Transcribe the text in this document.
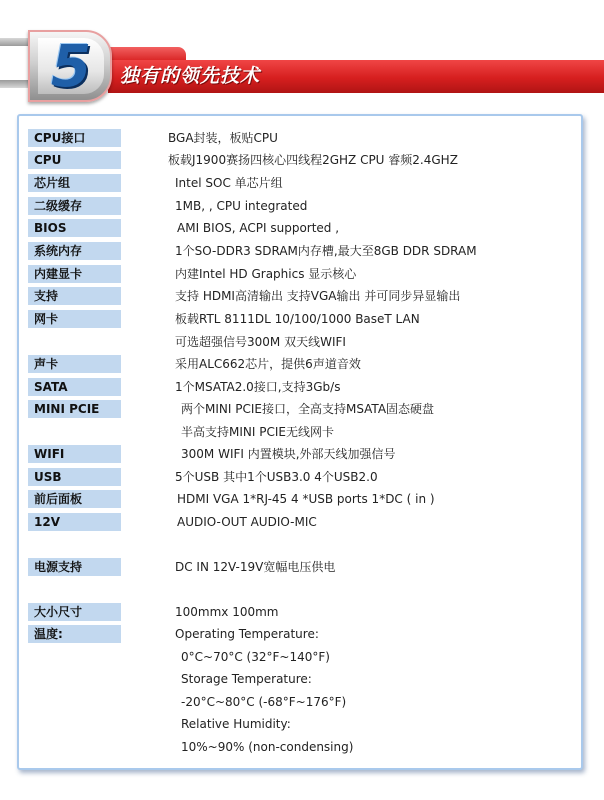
5	独有的领先技术
CPU接口	BGA封装，板贴CPU
CPU	板载J1900赛扬四核心四线程2GHZ CPU 睿频2.4GHZ
芯片组	Intel SOC 单芯片组
二级缓存	1MB, , CPU integrated
BIOS	AMI BIOS, ACPI supported ,
系统内存	1个SO-DDR3 SDRAM内存槽,最大至8GB DDR SDRAM
内建显卡	内建Intel HD Graphics 显示核心
支持	支持 HDMI高清输出 支持VGA输出 并可同步异显输出
网卡	板载RTL 8111DL 10/100/1000 BaseT LAN
可选超强信号300M 双天线WIFI
声卡	采用ALC662芯片，提供6声道音效
SATA	1个MSATA2.0接口,支持3Gb/s
MINI PCIE	两个MINI PCIE接口，全高支持MSATA固态硬盘
半高支持MINI PCIE无线网卡
WIFI	300M WIFI 内置模块,外部天线加强信号
USB	5个USB 其中1个USB3.0 4个USB2.0
前后面板	HDMI VGA 1*RJ-45 4 *USB ports 1*DC ( in )
12V	AUDIO-OUT AUDIO-MIC
电源支持	DC IN 12V-19V宽幅电压供电
大小尺寸	100mmx 100mm
温度:	Operating Temperature:
0°C~70°C (32°F~140°F)
Storage Temperature:
-20°C~80°C (-68°F~176°F)
Relative Humidity:
10%~90% (non-condensing)
